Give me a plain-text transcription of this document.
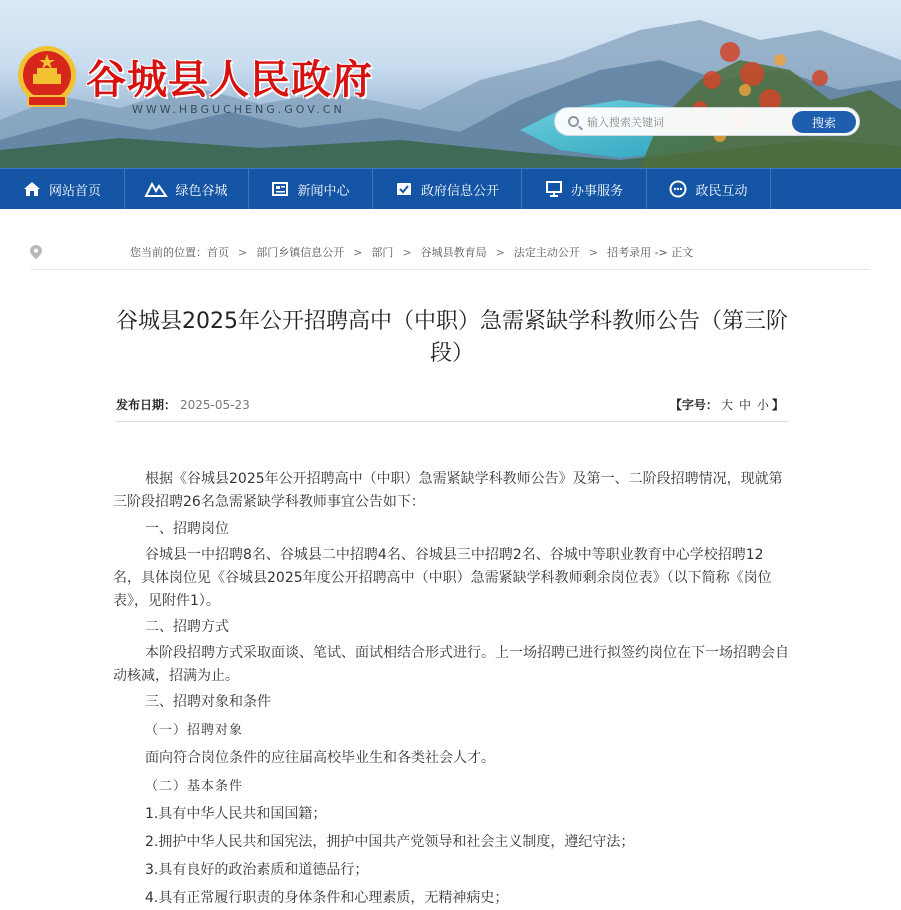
谷城县人民政府
WWW.HBGUCHENG.GOV.CN
输入搜索关键词
搜索
网站首页	绿色谷城	新闻中心	政府信息公开	办事服务	政民互动
您当前的位置：首页 > 部门乡镇信息公开 > 部门 > 谷城县教育局 > 法定主动公开 > 招考录用 -> 正文
谷城县2025年公开招聘高中（中职）急需紧缺学科教师公告（第三阶段）
发布日期： 2025-05-23	【字号： 大 中 小 】

根据《谷城县2025年公开招聘高中（中职）急需紧缺学科教师公告》及第一、二阶段招聘情况，现就第三阶段招聘26名急需紧缺学科教师事宜公告如下：

一、招聘岗位

谷城县一中招聘8名、谷城县二中招聘4名、谷城县三中招聘2名、谷城中等职业教育中心学校招聘12名，具体岗位见《谷城县2025年度公开招聘高中（中职）急需紧缺学科教师剩余岗位表》（以下简称《岗位表》，见附件1）。

二、招聘方式

本阶段招聘方式采取面谈、笔试、面试相结合形式进行。上一场招聘已进行拟签约岗位在下一场招聘会自动核减，招满为止。

三、招聘对象和条件

（一）招聘对象

面向符合岗位条件的应往届高校毕业生和各类社会人才。

（二）基本条件

1.具有中华人民共和国国籍；

2.拥护中华人民共和国宪法，拥护中国共产党领导和社会主义制度，遵纪守法；

3.具有良好的政治素质和道德品行；

4.具有正常履行职责的身体条件和心理素质，无精神病史；
